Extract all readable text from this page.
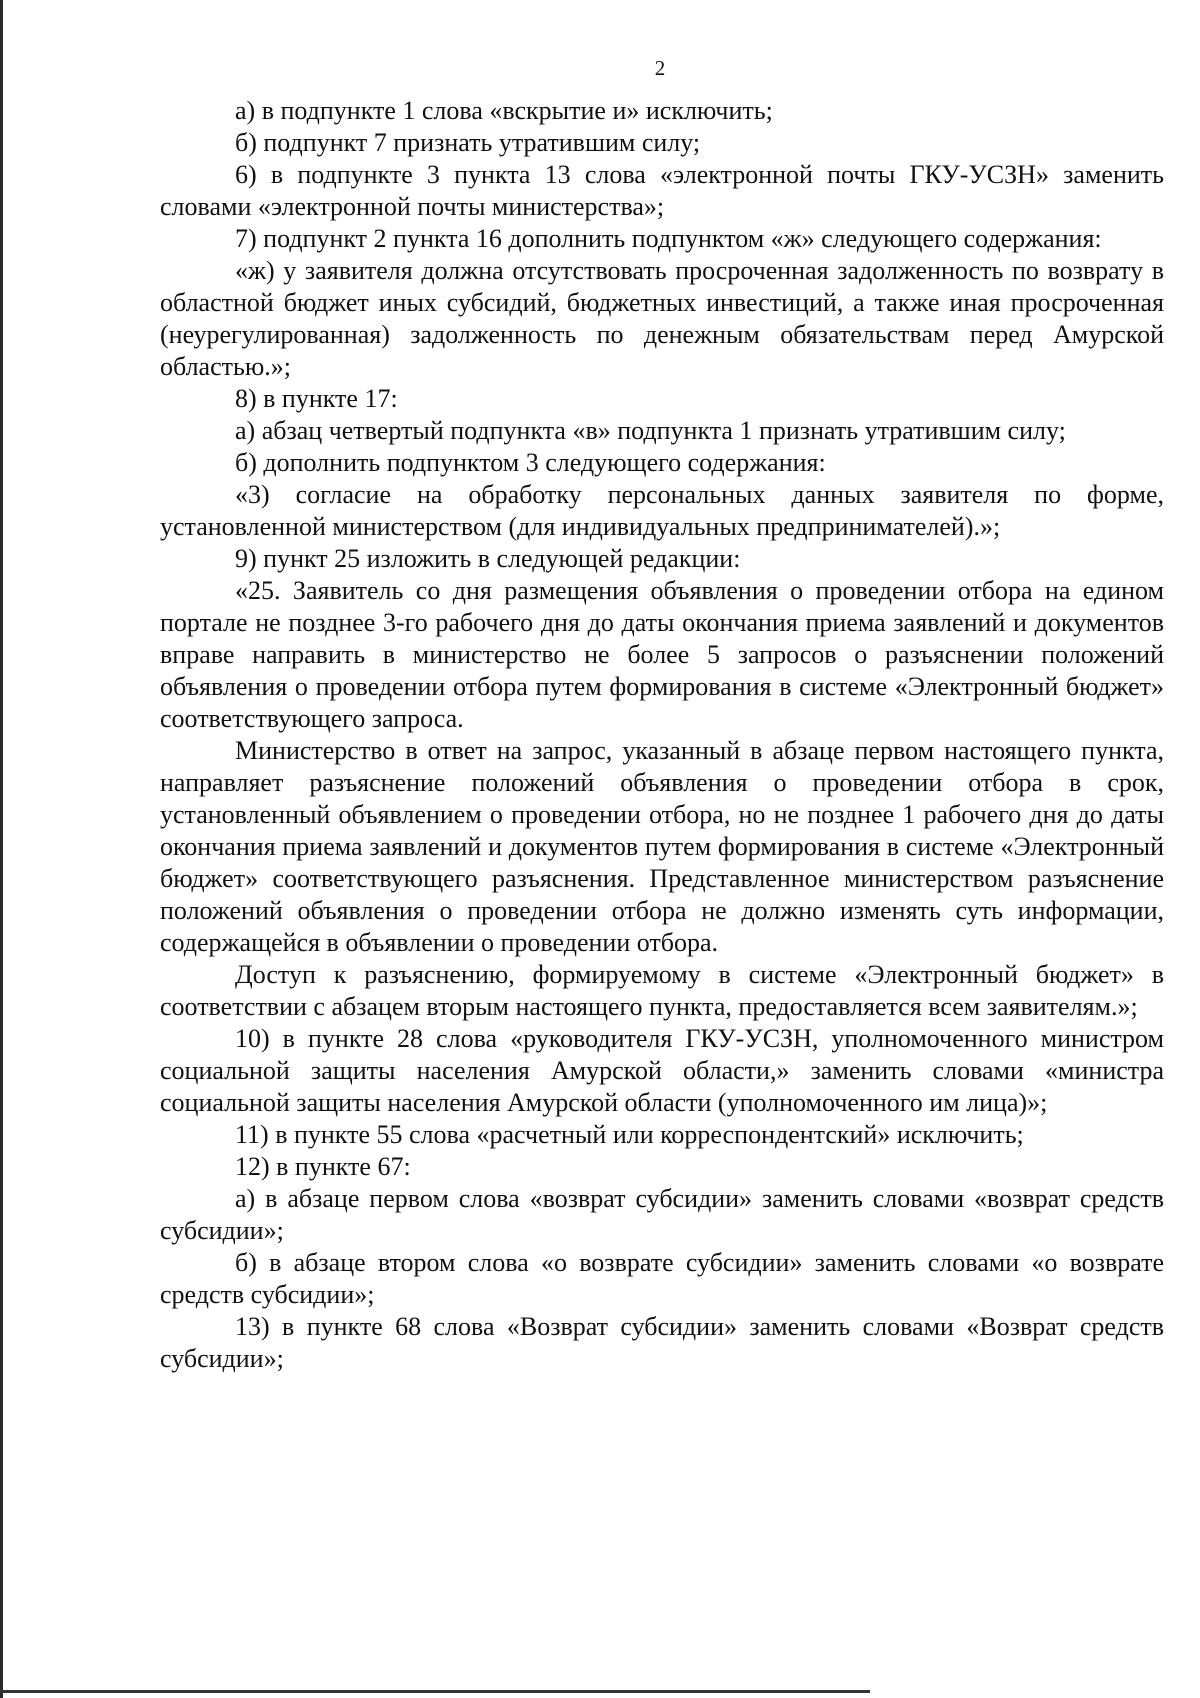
2

а) в подпункте 1 слова «вскрытие и» исключить;

б) подпункт 7 признать утратившим силу;

6) в подпункте 3 пункта 13 слова «электронной почты ГКУ-УСЗН» заменить словами «электронной почты министерства»;

7) подпункт 2 пункта 16 дополнить подпунктом «ж» следующего содержания:

«ж) у заявителя должна отсутствовать просроченная задолженность по возврату в областной бюджет иных субсидий, бюджетных инвестиций, а также иная просроченная (неурегулированная) задолженность по денежным обязательствам перед Амурской областью.»;

8) в пункте 17:

а) абзац четвертый подпункта «в» подпункта 1 признать утратившим силу;

б) дополнить подпунктом 3 следующего содержания:

«3) согласие на обработку персональных данных заявителя по форме, установленной министерством (для индивидуальных предпринимателей).»;

9) пункт 25 изложить в следующей редакции:

«25. Заявитель со дня размещения объявления о проведении отбора на едином портале не позднее 3-го рабочего дня до даты окончания приема заявлений и документов вправе направить в министерство не более 5 запросов о разъяснении положений объявления о проведении отбора путем формирования в системе «Электронный бюджет» соответствующего запроса.

Министерство в ответ на запрос, указанный в абзаце первом настоящего пункта, направляет разъяснение положений объявления о проведении отбора в срок, установленный объявлением о проведении отбора, но не позднее 1 рабочего дня до даты окончания приема заявлений и документов путем формирования в системе «Электронный бюджет» соответствующего разъяснения. Представленное министерством разъяснение положений объявления о проведении отбора не должно изменять суть информации, содержащейся в объявлении о проведении отбора.

Доступ к разъяснению, формируемому в системе «Электронный бюджет» в соответствии с абзацем вторым настоящего пункта, предоставляется всем заявителям.»;

10) в пункте 28 слова «руководителя ГКУ-УСЗН, уполномоченного министром социальной защиты населения Амурской области,» заменить словами «министра социальной защиты населения Амурской области (уполномоченного им лица)»;

11) в пункте 55 слова «расчетный или корреспондентский» исключить;

12) в пункте 67:

а) в абзаце первом слова «возврат субсидии» заменить словами «возврат средств субсидии»;

б) в абзаце втором слова «о возврате субсидии» заменить словами «о возврате средств субсидии»;

13) в пункте 68 слова «Возврат субсидии» заменить словами «Возврат средств субсидии»;
